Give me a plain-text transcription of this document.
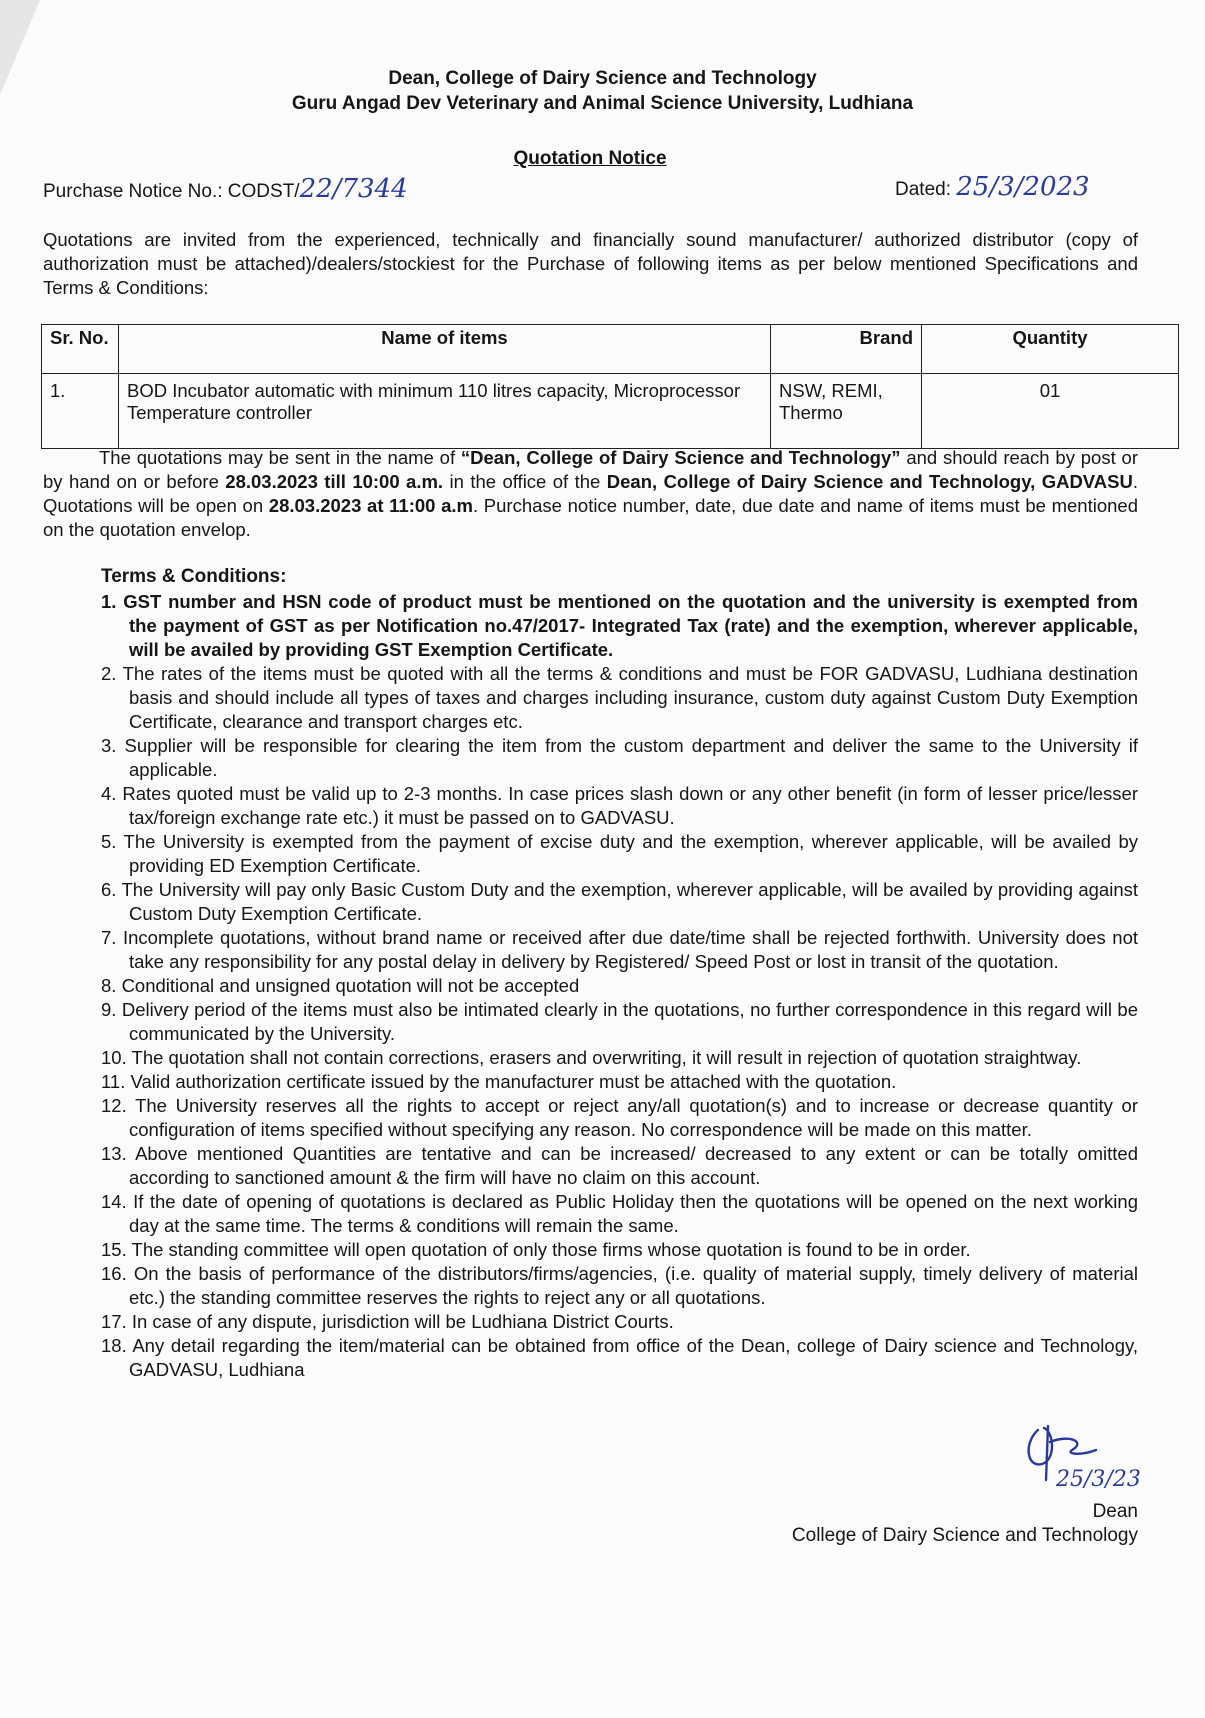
Dean, College of Dairy Science and Technology
Guru Angad Dev Veterinary and Animal Science University, Ludhiana
Quotation Notice
Purchase Notice No.: CODST/22/7344	Dated: 25/3/2023
Quotations are invited from the experienced, technically and financially sound manufacturer/ authorized distributor (copy of authorization must be attached)/dealers/stockiest for the Purchase of following items as per below mentioned Specifications and Terms & Conditions:
Sr. No.	Name of items	Brand	Quantity
1.	BOD Incubator automatic with minimum 110 litres capacity, Microprocessor Temperature controller	NSW, REMI, Thermo	01
The quotations may be sent in the name of “Dean, College of Dairy Science and Technology” and should reach by post or by hand on or before 28.03.2023 till 10:00 a.m. in the office of the Dean, College of Dairy Science and Technology, GADVASU. Quotations will be open on 28.03.2023 at 11:00 a.m. Purchase notice number, date, due date and name of items must be mentioned on the quotation envelop.
Terms & Conditions:
1. GST number and HSN code of product must be mentioned on the quotation and the university is exempted from the payment of GST as per Notification no.47/2017- Integrated Tax (rate) and the exemption, wherever applicable, will be availed by providing GST Exemption Certificate.
2. The rates of the items must be quoted with all the terms & conditions and must be FOR GADVASU, Ludhiana destination basis and should include all types of taxes and charges including insurance, custom duty against Custom Duty Exemption Certificate, clearance and transport charges etc.
3. Supplier will be responsible for clearing the item from the custom department and deliver the same to the University if applicable.
4. Rates quoted must be valid up to 2-3 months. In case prices slash down or any other benefit (in form of lesser price/lesser tax/foreign exchange rate etc.) it must be passed on to GADVASU.
5. The University is exempted from the payment of excise duty and the exemption, wherever applicable, will be availed by providing ED Exemption Certificate.
6. The University will pay only Basic Custom Duty and the exemption, wherever applicable, will be availed by providing against Custom Duty Exemption Certificate.
7. Incomplete quotations, without brand name or received after due date/time shall be rejected forthwith. University does not take any responsibility for any postal delay in delivery by Registered/ Speed Post or lost in transit of the quotation.
8. Conditional and unsigned quotation will not be accepted
9. Delivery period of the items must also be intimated clearly in the quotations, no further correspondence in this regard will be communicated by the University.
10. The quotation shall not contain corrections, erasers and overwriting, it will result in rejection of quotation straightway.
11. Valid authorization certificate issued by the manufacturer must be attached with the quotation.
12. The University reserves all the rights to accept or reject any/all quotation(s) and to increase or decrease quantity or configuration of items specified without specifying any reason. No correspondence will be made on this matter.
13. Above mentioned Quantities are tentative and can be increased/ decreased to any extent or can be totally omitted according to sanctioned amount & the firm will have no claim on this account.
14. If the date of opening of quotations is declared as Public Holiday then the quotations will be opened on the next working day at the same time. The terms & conditions will remain the same.
15. The standing committee will open quotation of only those firms whose quotation is found to be in order.
16. On the basis of performance of the distributors/firms/agencies, (i.e. quality of material supply, timely delivery of material etc.) the standing committee reserves the rights to reject any or all quotations.
17. In case of any dispute, jurisdiction will be Ludhiana District Courts.
18. Any detail regarding the item/material can be obtained from office of the Dean, college of Dairy science and Technology, GADVASU, Ludhiana
25/3/23
Dean
College of Dairy Science and Technology
